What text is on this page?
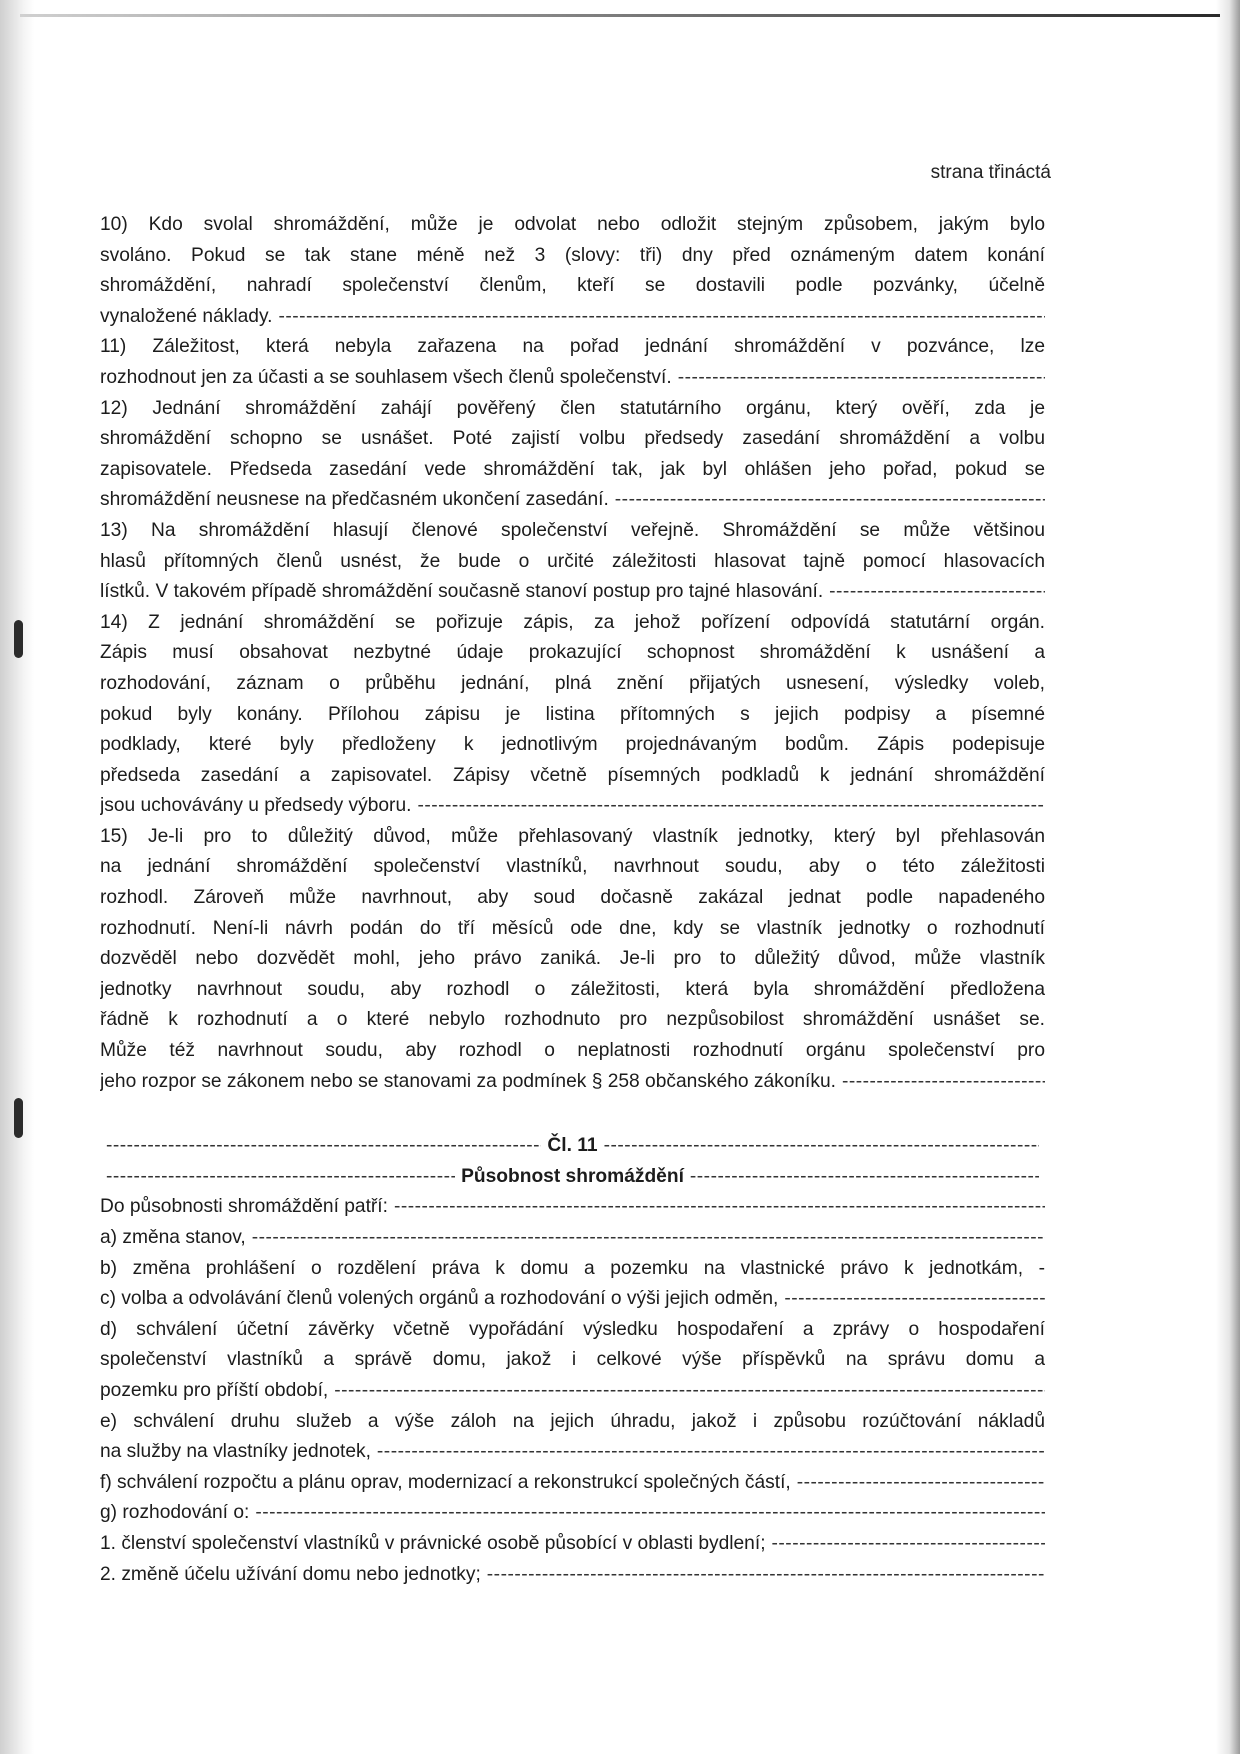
strana třináctá
10) Kdo svolal shromáždění, může je odvolat nebo odložit stejným způsobem, jakým bylo
svoláno. Pokud se tak stane méně než 3 (slovy: tři) dny před oznámeným datem konání
shromáždění, nahradí společenství členům, kteří se dostavili podle pozvánky, účelně
vynaložené náklady.
-----
11) Záležitost, která nebyla zařazena na pořad jednání shromáždění v pozvánce, lze
rozhodnout jen za účasti a se souhlasem všech členů společenství.
-----
12) Jednání shromáždění zahájí pověřený člen statutárního orgánu, který ověří, zda je
shromáždění schopno se usnášet. Poté zajistí volbu předsedy zasedání shromáždění a volbu
zapisovatele. Předseda zasedání vede shromáždění tak, jak byl ohlášen jeho pořad, pokud se
shromáždění neusnese na předčasném ukončení zasedání.
-----
13) Na shromáždění hlasují členové společenství veřejně. Shromáždění se může většinou
hlasů přítomných členů usnést, že bude o určité záležitosti hlasovat tajně pomocí hlasovacích
lístků. V takovém případě shromáždění současně stanoví postup pro tajné hlasování.
-----
14) Z jednání shromáždění se pořizuje zápis, za jehož pořízení odpovídá statutární orgán.
Zápis musí obsahovat nezbytné údaje prokazující schopnost shromáždění k usnášení a
rozhodování, záznam o průběhu jednání, plná znění přijatých usnesení, výsledky voleb,
pokud byly konány. Přílohou zápisu je listina přítomných s jejich podpisy a písemné
podklady, které byly předloženy k jednotlivým projednávaným bodům. Zápis podepisuje
předseda zasedání a zapisovatel. Zápisy včetně písemných podkladů k jednání shromáždění
jsou uchovávány u předsedy výboru.
-----
15) Je-li pro to důležitý důvod, může přehlasovaný vlastník jednotky, který byl přehlasován
na jednání shromáždění společenství vlastníků, navrhnout soudu, aby o této záležitosti
rozhodl. Zároveň může navrhnout, aby soud dočasně zakázal jednat podle napadeného
rozhodnutí. Není-li návrh podán do tří měsíců ode dne, kdy se vlastník jednotky o rozhodnutí
dozvěděl nebo dozvědět mohl, jeho právo zaniká. Je-li pro to důležitý důvod, může vlastník
jednotky navrhnout soudu, aby rozhodl o záležitosti, která byla shromáždění předložena
řádně k rozhodnutí a o které nebylo rozhodnuto pro nezpůsobilost shromáždění usnášet se.
Může též navrhnout soudu, aby rozhodl o neplatnosti rozhodnutí orgánu společenství pro
jeho rozpor se zákonem nebo se stanovami za podmínek § 258 občanského zákoníku.
-----
-----
Čl. 11
-----
-----
Působnost shromáždění
-----
Do působnosti shromáždění patří:
-----
a) změna stanov,
-----
b) změna prohlášení o rozdělení práva k domu a pozemku na vlastnické právo k jednotkám, -
c) volba a odvolávání členů volených orgánů a rozhodování o výši jejich odměn,
-----
d) schválení účetní závěrky včetně vypořádání výsledku hospodaření a zprávy o hospodaření
společenství vlastníků a správě domu, jakož i celkové výše příspěvků na správu domu a
pozemku pro příští období,
-----
e) schválení druhu služeb a výše záloh na jejich úhradu, jakož i způsobu rozúčtování nákladů
na služby na vlastníky jednotek,
-----
f) schválení rozpočtu a plánu oprav, modernizací a rekonstrukcí společných částí,
-----
g) rozhodování o:
-----
1. členství společenství vlastníků v právnické osobě působící v oblasti bydlení;
-----
2. změně účelu užívání domu nebo jednotky;
-----
